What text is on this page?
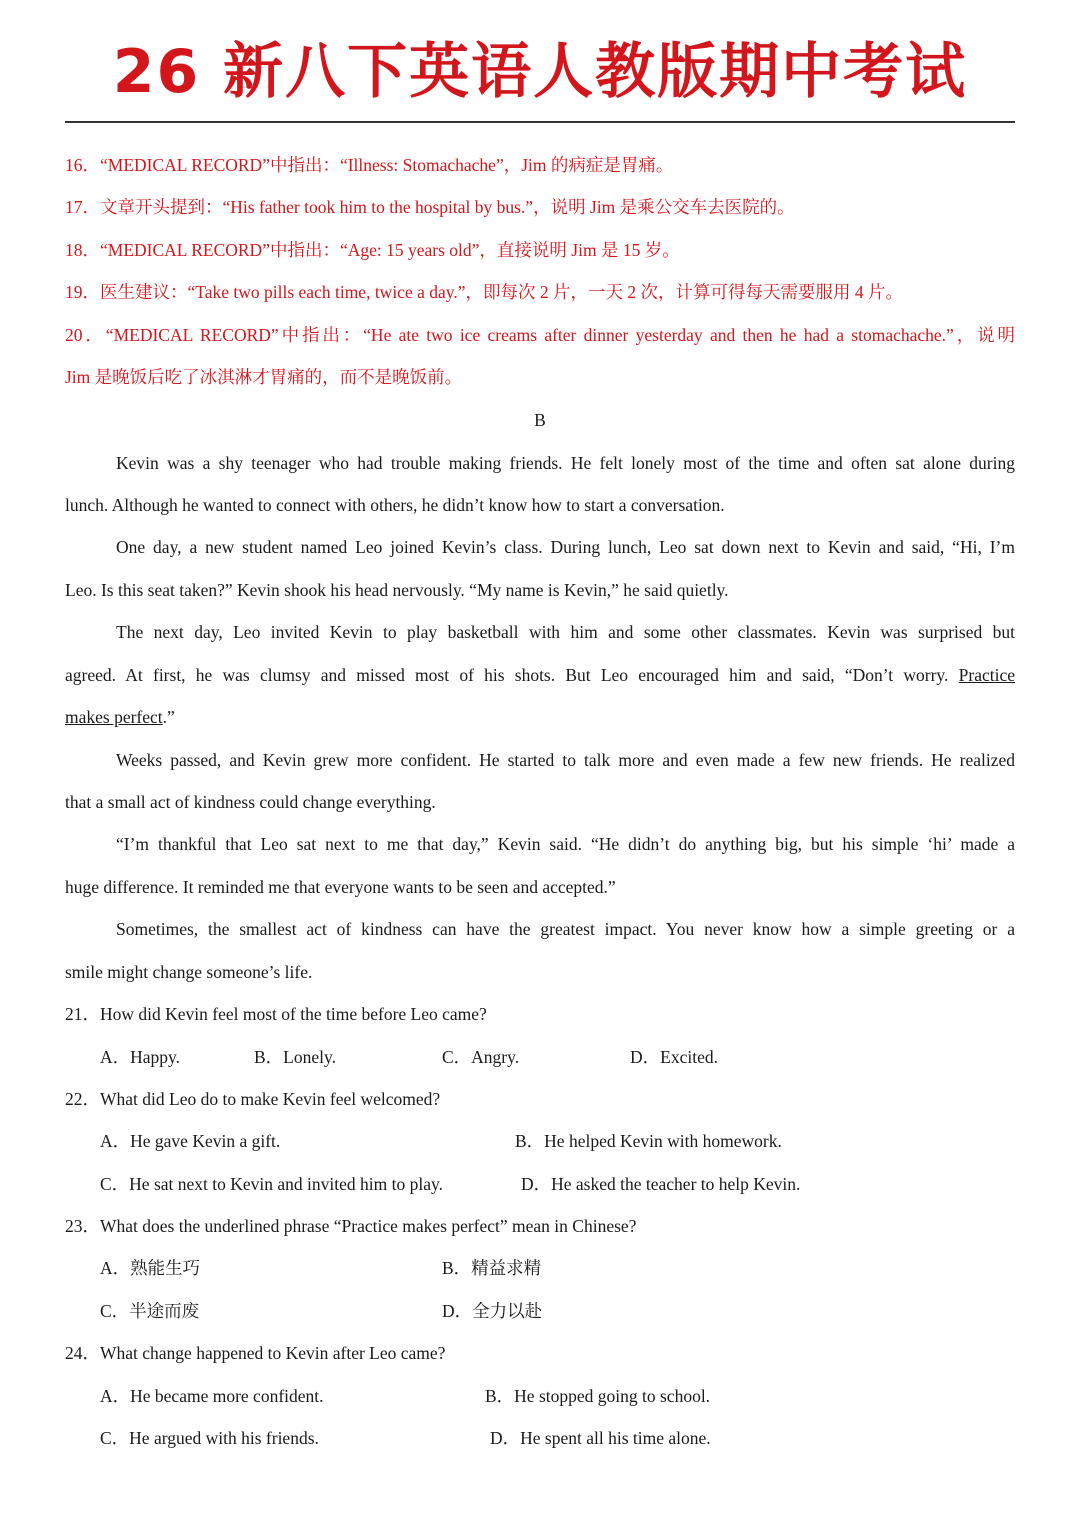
26 新八下英语人教版期中考试
16．“MEDICAL RECORD”中指出：“Illness: Stomachache”，Jim 的病症是胃痛。
17．文章开头提到：“His father took him to the hospital by bus.”，说明 Jim 是乘公交车去医院的。
18．“MEDICAL RECORD”中指出：“Age: 15 years old”，直接说明 Jim 是 15 岁。
19．医生建议：“Take two pills each time, twice a day.”，即每次 2 片，一天 2 次，计算可得每天需要服用 4 片。
20．“MEDICAL RECORD”中指出：“He ate two ice creams after dinner yesterday and then he had a stomachache.”，说明
Jim 是晚饭后吃了冰淇淋才胃痛的，而不是晚饭前。
B
Kevin was a shy teenager who had trouble making friends. He felt lonely most of the time and often sat alone during
lunch. Although he wanted to connect with others, he didn’t know how to start a conversation.
One day, a new student named Leo joined Kevin’s class. During lunch, Leo sat down next to Kevin and said, “Hi, I’m
Leo. Is this seat taken?” Kevin shook his head nervously. “My name is Kevin,” he said quietly.
The next day, Leo invited Kevin to play basketball with him and some other classmates. Kevin was surprised but
agreed. At first, he was clumsy and missed most of his shots. But Leo encouraged him and said, “Don’t worry. Practice
makes perfect.”
Weeks passed, and Kevin grew more confident. He started to talk more and even made a few new friends. He realized
that a small act of kindness could change everything.
“I’m thankful that Leo sat next to me that day,” Kevin said. “He didn’t do anything big, but his simple ‘hi’ made a
huge difference. It reminded me that everyone wants to be seen and accepted.”
Sometimes, the smallest act of kindness can have the greatest impact. You never know how a simple greeting or a
smile might change someone’s life.
21．How did Kevin feel most of the time before Leo came?
A．Happy.	B．Lonely.	C．Angry.	D．Excited.
22．What did Leo do to make Kevin feel welcomed?
A．He gave Kevin a gift.	B．He helped Kevin with homework.
C．He sat next to Kevin and invited him to play.	D．He asked the teacher to help Kevin.
23．What does the underlined phrase “Practice makes perfect” mean in Chinese?
A．熟能生巧	B．精益求精
C．半途而废	D．全力以赴
24．What change happened to Kevin after Leo came?
A．He became more confident.	B．He stopped going to school.
C．He argued with his friends.	D．He spent all his time alone.
